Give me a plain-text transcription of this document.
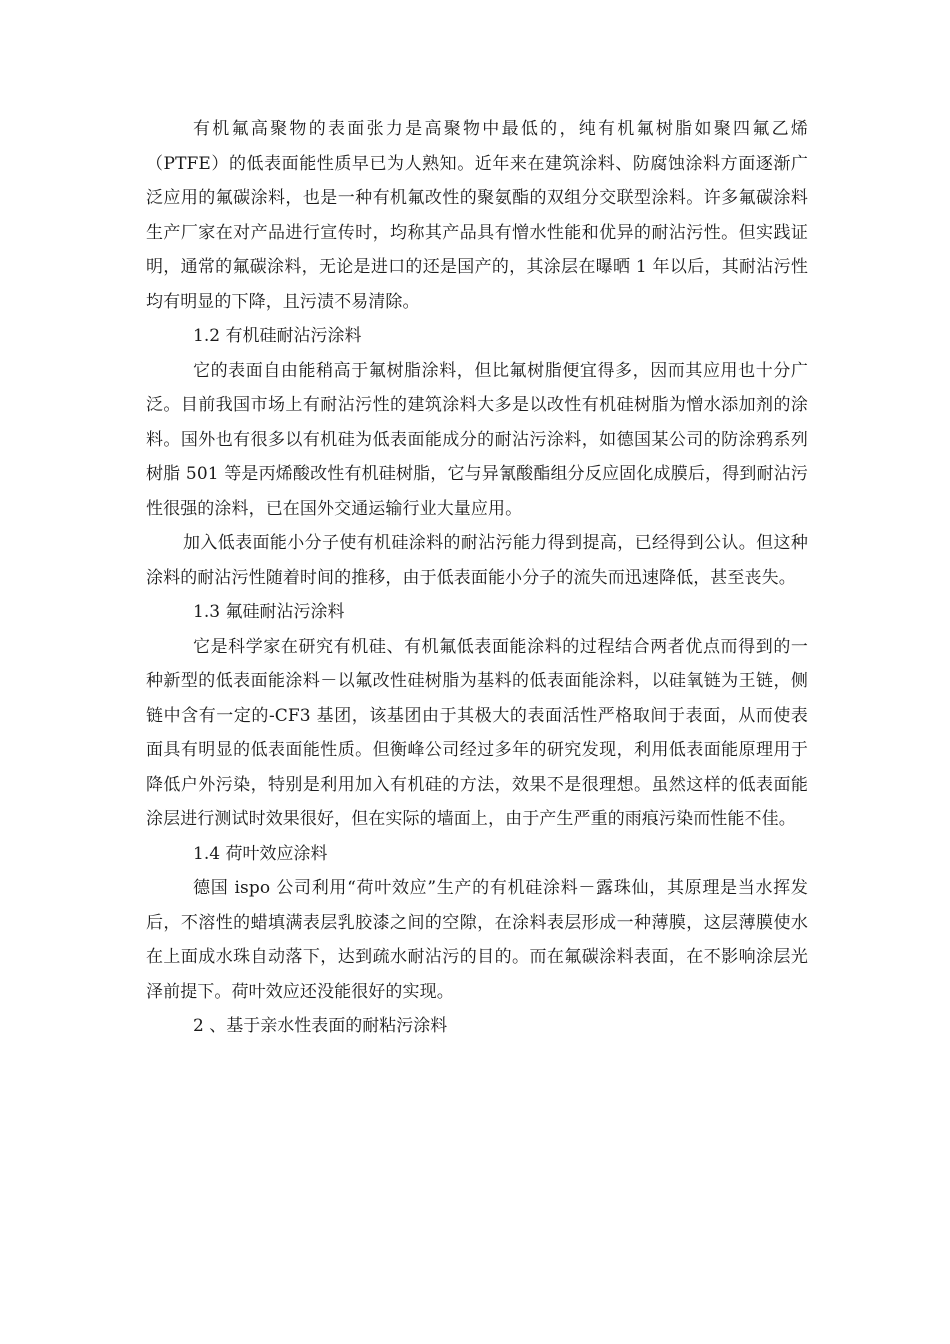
有机氟高聚物的表面张力是高聚物中最低的，纯有机氟树脂如聚四氟乙烯（PTFE）的低表面能性质早已为人熟知。近年来在建筑涂料、防腐蚀涂料方面逐渐广泛应用的氟碳涂料，也是一种有机氟改性的聚氨酯的双组分交联型涂料。许多氟碳涂料生产厂家在对产品进行宣传时，均称其产品具有憎水性能和优异的耐沾污性。但实践证明，通常的氟碳涂料，无论是进口的还是国产的，其涂层在曝晒 1 年以后，其耐沾污性均有明显的下降，且污渍不易清除。

1.2 有机硅耐沾污涂料

它的表面自由能稍高于氟树脂涂料，但比氟树脂便宜得多，因而其应用也十分广泛。目前我国市场上有耐沾污性的建筑涂料大多是以改性有机硅树脂为憎水添加剂的涂料。国外也有很多以有机硅为低表面能成分的耐沾污涂料，如德国某公司的防涂鸦系列树脂 501 等是丙烯酸改性有机硅树脂，它与异氰酸酯组分反应固化成膜后，得到耐沾污性很强的涂料，已在国外交通运输行业大量应用。

加入低表面能小分子使有机硅涂料的耐沾污能力得到提高，已经得到公认。但这种涂料的耐沾污性随着时间的推移，由于低表面能小分子的流失而迅速降低，甚至丧失。

1.3 氟硅耐沾污涂料

它是科学家在研究有机硅、有机氟低表面能涂料的过程结合两者优点而得到的一种新型的低表面能涂料－以氟改性硅树脂为基料的低表面能涂料，以硅氧链为王链，侧链中含有一定的-CF3 基团，该基团由于其极大的表面活性严格取间于表面，从而使表面具有明显的低表面能性质。但衡峰公司经过多年的研究发现，利用低表面能原理用于降低户外污染，特别是利用加入有机硅的方法，效果不是很理想。虽然这样的低表面能涂层进行测试时效果很好，但在实际的墙面上，由于产生严重的雨痕污染而性能不佳。

1.4 荷叶效应涂料

德国 ispo 公司利用“荷叶效应”生产的有机硅涂料－露珠仙，其原理是当水挥发后，不溶性的蜡填满表层乳胶漆之间的空隙，在涂料表层形成一种薄膜，这层薄膜使水在上面成水珠自动落下，达到疏水耐沾污的目的。而在氟碳涂料表面，在不影响涂层光泽前提下。荷叶效应还没能很好的实现。

2 、基于亲水性表面的耐粘污涂料
